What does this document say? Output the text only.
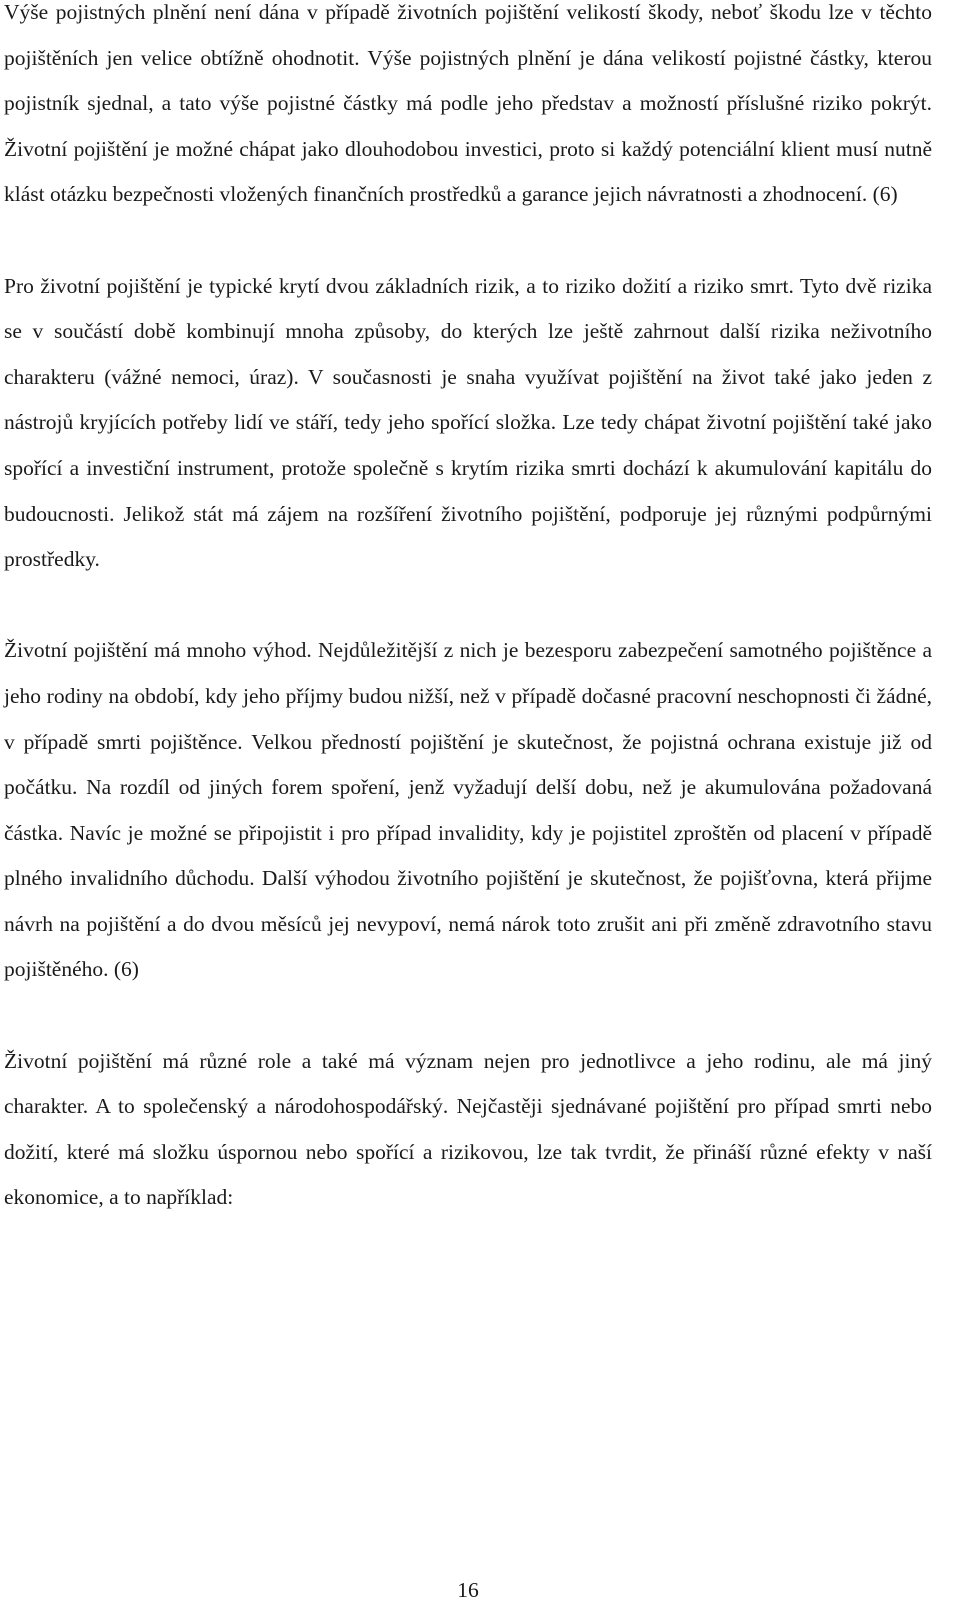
Výše pojistných plnění není dána v případě životních pojištění velikostí škody, neboť škodu lze v těchto pojištěních jen velice obtížně ohodnotit. Výše pojistných plnění je dána velikostí pojistné částky, kterou pojistník sjednal, a tato výše pojistné částky má podle jeho představ a možností příslušné riziko pokrýt. Životní pojištění je možné chápat jako dlouhodobou investici, proto si každý potenciální klient musí nutně klást otázku bezpečnosti vložených finančních prostředků a garance jejich návratnosti a zhodnocení. (6)

Pro životní pojištění je typické krytí dvou základních rizik, a to riziko dožití a riziko smrt. Tyto dvě rizika se v součástí době kombinují mnoha způsoby, do kterých lze ještě zahrnout další rizika neživotního charakteru (vážné nemoci, úraz). V současnosti je snaha využívat pojištění na život také jako jeden z nástrojů kryjících potřeby lidí ve stáří, tedy jeho spořící složka. Lze tedy chápat životní pojištění také jako spořící a investiční instrument, protože společně s krytím rizika smrti dochází k akumulování kapitálu do budoucnosti. Jelikož stát má zájem na rozšíření životního pojištění, podporuje jej různými podpůrnými prostředky.

Životní pojištění má mnoho výhod. Nejdůležitější z nich je bezesporu zabezpečení samotného pojištěnce a jeho rodiny na období, kdy jeho příjmy budou nižší, než v případě dočasné pracovní neschopnosti či žádné, v případě smrti pojištěnce. Velkou předností pojištění je skutečnost, že pojistná ochrana existuje již od počátku. Na rozdíl od jiných forem spoření, jenž vyžadují delší dobu, než je akumulována požadovaná částka. Navíc je možné se připojistit i pro případ invalidity, kdy je pojistitel zproštěn od placení v případě plného invalidního důchodu. Další výhodou životního pojištění je skutečnost, že pojišťovna, která přijme návrh na pojištění a do dvou měsíců jej nevypoví, nemá nárok toto zrušit ani při změně zdravotního stavu pojištěného. (6)

Životní pojištění má různé role a také má význam nejen pro jednotlivce a jeho rodinu, ale má jiný charakter. A to společenský a národohospodářský. Nejčastěji sjednávané pojištění pro případ smrti nebo dožití, které má složku úspornou nebo spořící a rizikovou, lze tak tvrdit, že přináší různé efekty v naší ekonomice, a to například:

16
